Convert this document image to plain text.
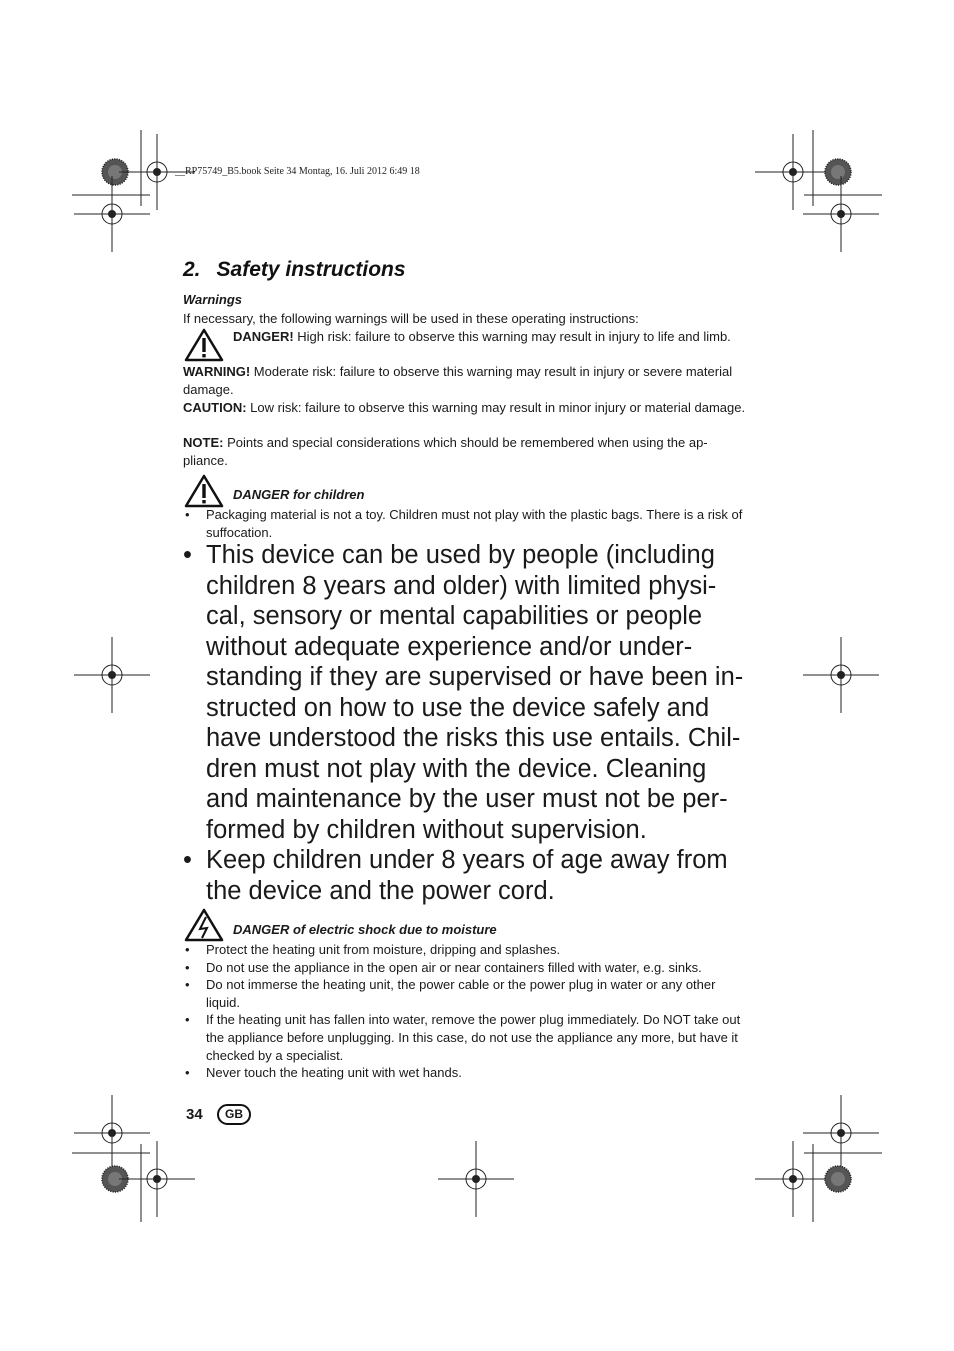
__RP75749_B5.book Seite 34 Montag, 16. Juli 2012 6:49 18
2. Safety instructions
Warnings
If necessary, the following warnings will be used in these operating instructions:
DANGER! High risk: failure to observe this warning may result in injury to life and limb.
WARNING! Moderate risk: failure to observe this warning may result in injury or severe material damage.
CAUTION: Low risk: failure to observe this warning may result in minor injury or material damage.
NOTE: Points and special considerations which should be remembered when using the ap-pliance.
DANGER for children
• Packaging material is not a toy. Children must not play with the plastic bags. There is a risk of suffocation.
• This device can be used by people (including children 8 years and older) with limited physi-cal, sensory or mental capabilities or people without adequate experience and/or under-standing if they are supervised or have been in-structed on how to use the device safely and have understood the risks this use entails. Chil-dren must not play with the device. Cleaning and maintenance by the user must not be per-formed by children without supervision.
• Keep children under 8 years of age away from the device and the power cord.
DANGER of electric shock due to moisture
• Protect the heating unit from moisture, dripping and splashes.
• Do not use the appliance in the open air or near containers filled with water, e.g. sinks.
• Do not immerse the heating unit, the power cable or the power plug in water or any other liquid.
• If the heating unit has fallen into water, remove the power plug immediately. Do NOT take out the appliance before unplugging. In this case, do not use the appliance any more, but have it checked by a specialist.
• Never touch the heating unit with wet hands.
34	GB
